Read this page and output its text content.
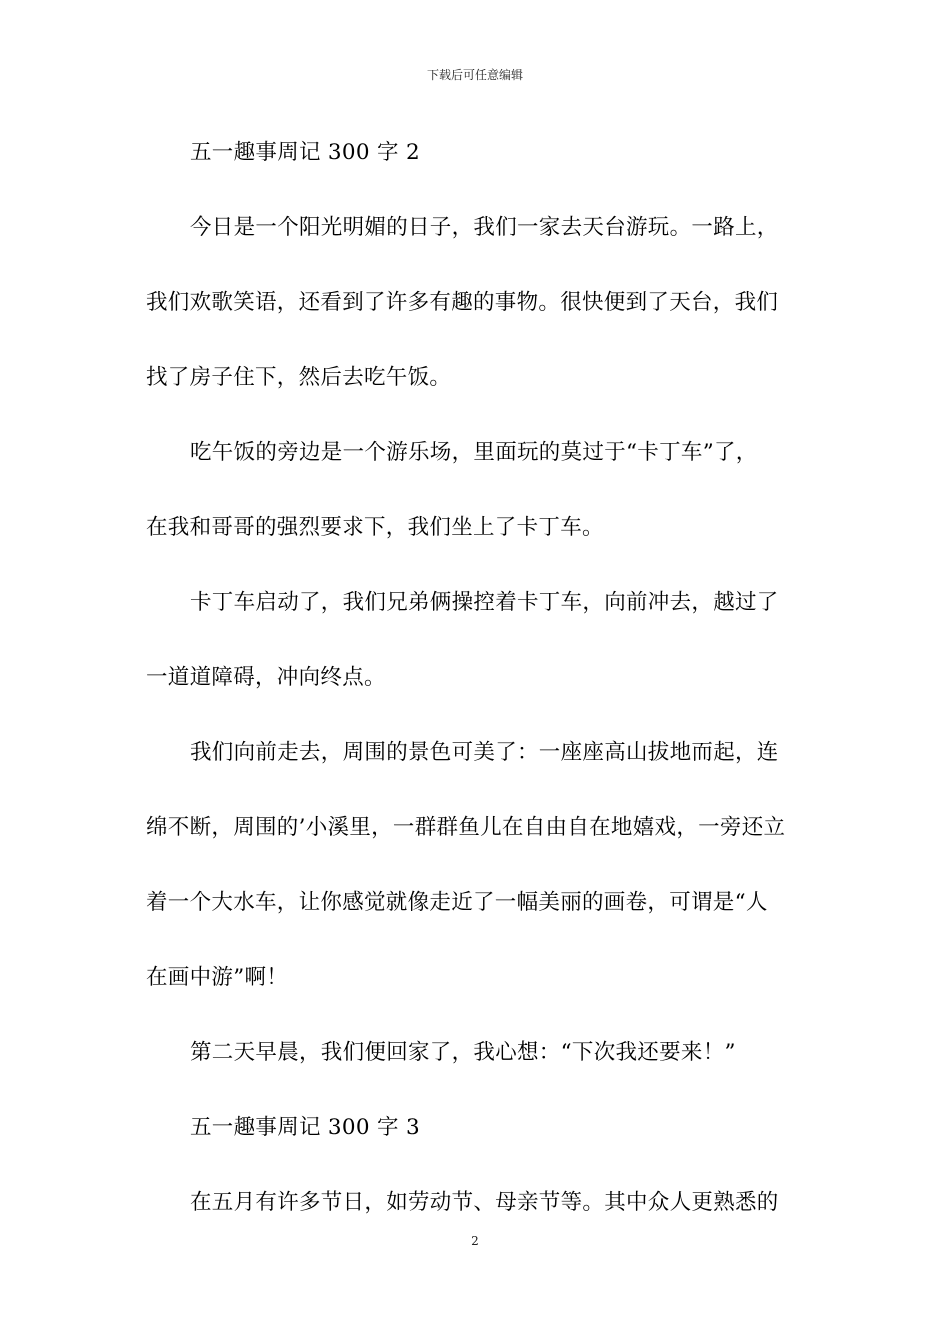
下载后可任意编辑
五一趣事周记 300 字 2
今日是一个阳光明媚的日子，我们一家去天台游玩。一路上，
我们欢歌笑语，还看到了许多有趣的事物。很快便到了天台，我们
找了房子住下，然后去吃午饭。
吃午饭的旁边是一个游乐场，里面玩的莫过于“卡丁车”了，
在我和哥哥的强烈要求下，我们坐上了卡丁车。
卡丁车启动了，我们兄弟俩操控着卡丁车，向前冲去，越过了
一道道障碍，冲向终点。
我们向前走去，周围的景色可美了：一座座高山拔地而起，连
绵不断，周围的’小溪里，一群群鱼儿在自由自在地嬉戏，一旁还立
着一个大水车，让你感觉就像走近了一幅美丽的画卷，可谓是“人
在画中游”啊！
第二天早晨，我们便回家了，我心想：“下次我还要来！”
五一趣事周记 300 字 3
在五月有许多节日，如劳动节、母亲节等。其中众人更熟悉的
2
